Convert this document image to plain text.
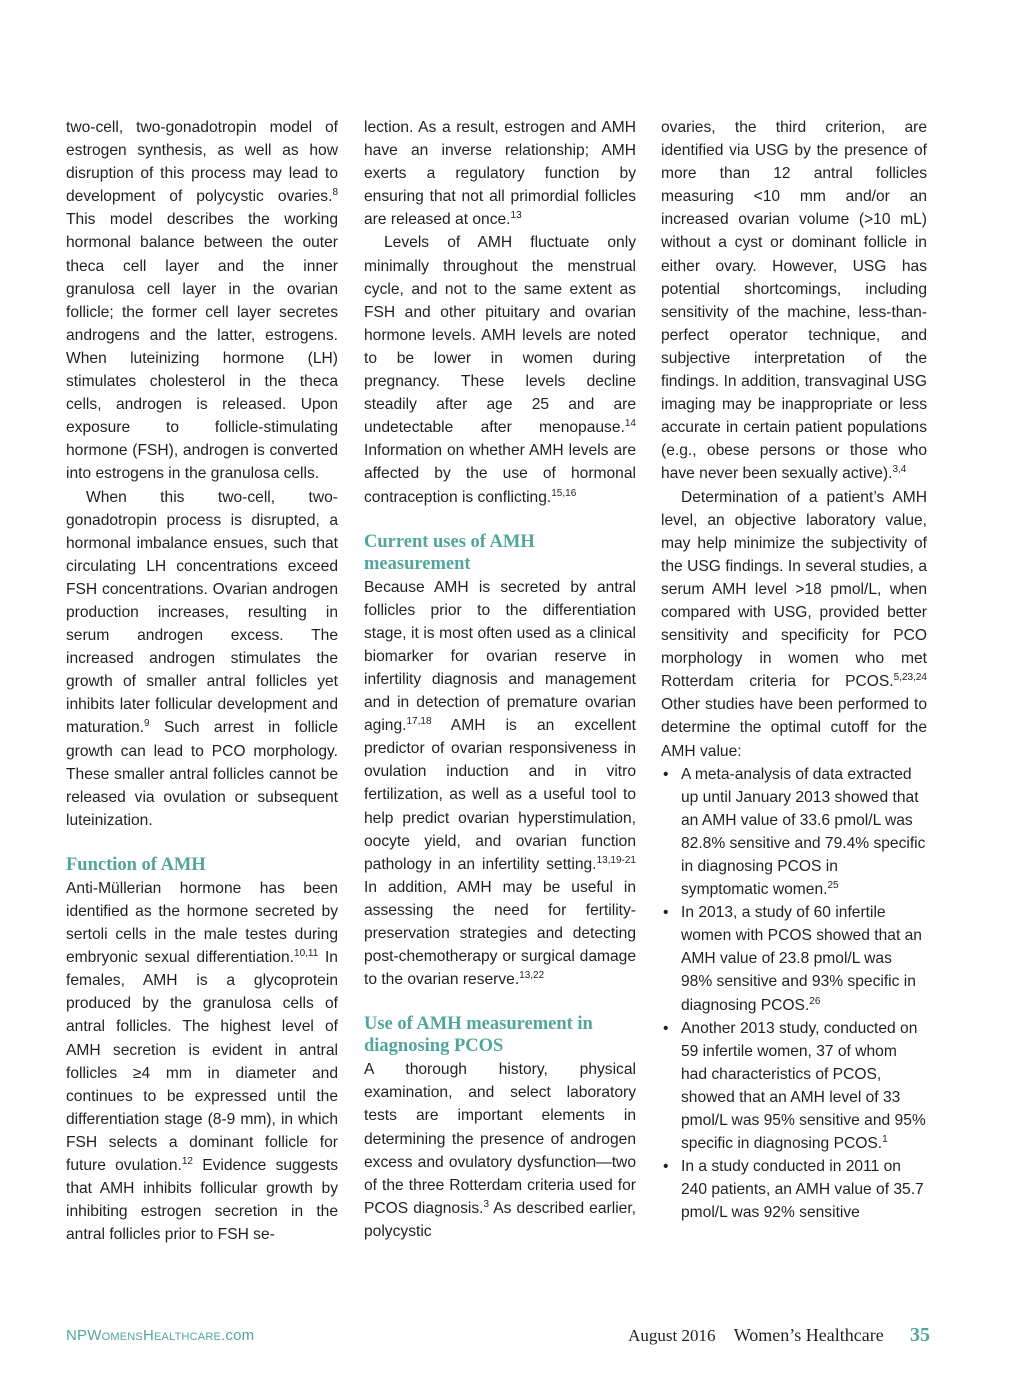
two-cell, two-gonadotropin model of estrogen synthesis, as well as how disruption of this process may lead to development of polycystic ovaries.$^8$ This model describes the working hormonal balance between the outer theca cell layer and the inner granulosa cell layer in the ovarian follicle; the former cell layer secretes androgens and the latter, estrogens. When luteinizing hormone (LH) stimulates cholesterol in the theca cells, androgen is released. Upon exposure to follicle-stimulating hormone (FSH), androgen is converted into estrogens in the granulosa cells.

When this two-cell, two-gonadotropin process is disrupted, a hormonal imbalance ensues, such that circulating LH concentrations exceed FSH concentrations. Ovarian androgen production increases, resulting in serum androgen excess. The increased androgen stimulates the growth of smaller antral follicles yet inhibits later follicular development and maturation.$^9$ Such arrest in follicle growth can lead to PCO morphology. These smaller antral follicles cannot be released via ovulation or subsequent luteinization.

Function of AMH

Anti-Müllerian hormone has been identified as the hormone secreted by sertoli cells in the male testes during embryonic sexual differentiation.$^{10,11}$ In females, AMH is a glycoprotein produced by the granulosa cells of antral follicles. The highest level of AMH secretion is evident in antral follicles ≥4 mm in diameter and continues to be expressed until the differentiation stage (8-9 mm), in which FSH selects a dominant follicle for future ovulation.$^{12}$ Evidence suggests that AMH inhibits follicular growth by inhibiting estrogen secretion in the antral follicles prior to FSH se-

lection. As a result, estrogen and AMH have an inverse relationship; AMH exerts a regulatory function by ensuring that not all primordial follicles are released at once.$^{13}$

Levels of AMH fluctuate only minimally throughout the menstrual cycle, and not to the same extent as FSH and other pituitary and ovarian hormone levels. AMH levels are noted to be lower in women during pregnancy. These levels decline steadily after age 25 and are undetectable after menopause.$^{14}$ Information on whether AMH levels are affected by the use of hormonal contraception is conflicting.$^{15,16}$

Current uses of AMH measurement

Because AMH is secreted by antral follicles prior to the differentiation stage, it is most often used as a clinical biomarker for ovarian reserve in infertility diagnosis and management and in detection of premature ovarian aging.$^{17,18}$ AMH is an excellent predictor of ovarian responsiveness in ovulation induction and in vitro fertilization, as well as a useful tool to help predict ovarian hyperstimulation, oocyte yield, and ovarian function pathology in an infertility setting.$^{13,19-21}$ In addition, AMH may be useful in assessing the need for fertility-preservation strategies and detecting post-chemotherapy or surgical damage to the ovarian reserve.$^{13,22}$

Use of AMH measurement in diagnosing PCOS

A thorough history, physical examination, and select laboratory tests are important elements in determining the presence of androgen excess and ovulatory dysfunction—two of the three Rotterdam criteria used for PCOS diagnosis.$^3$ As described earlier, polycystic

ovaries, the third criterion, are identified via USG by the presence of more than 12 antral follicles measuring <10 mm and/or an increased ovarian volume (>10 mL) without a cyst or dominant follicle in either ovary. However, USG has potential shortcomings, including sensitivity of the machine, less-than-perfect operator technique, and subjective interpretation of the findings. In addition, transvaginal USG imaging may be inappropriate or less accurate in certain patient populations (e.g., obese persons or those who have never been sexually active).$^{3,4}$

Determination of a patient’s AMH level, an objective laboratory value, may help minimize the subjectivity of the USG findings. In several studies, a serum AMH level >18 pmol/L, when compared with USG, provided better sensitivity and specificity for PCO morphology in women who met Rotterdam criteria for PCOS.$^{5,23,24}$ Other studies have been performed to determine the optimal cutoff for the AMH value:

• A meta-analysis of data extracted up until January 2013 showed that an AMH value of 33.6 pmol/L was 82.8% sensitive and 79.4% specific in diagnosing PCOS in symptomatic women.$^{25}$
• In 2013, a study of 60 infertile women with PCOS showed that an AMH value of 23.8 pmol/L was 98% sensitive and 93% specific in diagnosing PCOS.$^{26}$
• Another 2013 study, conducted on 59 infertile women, 37 of whom had characteristics of PCOS, showed that an AMH level of 33 pmol/L was 95% sensitive and 95% specific in diagnosing PCOS.$^1$
• In a study conducted in 2011 on 240 patients, an AMH value of 35.7 pmol/L was 92% sensitive
NPWOMENSHEALTHCARE.com	August 2016 Women’s Healthcare 35
